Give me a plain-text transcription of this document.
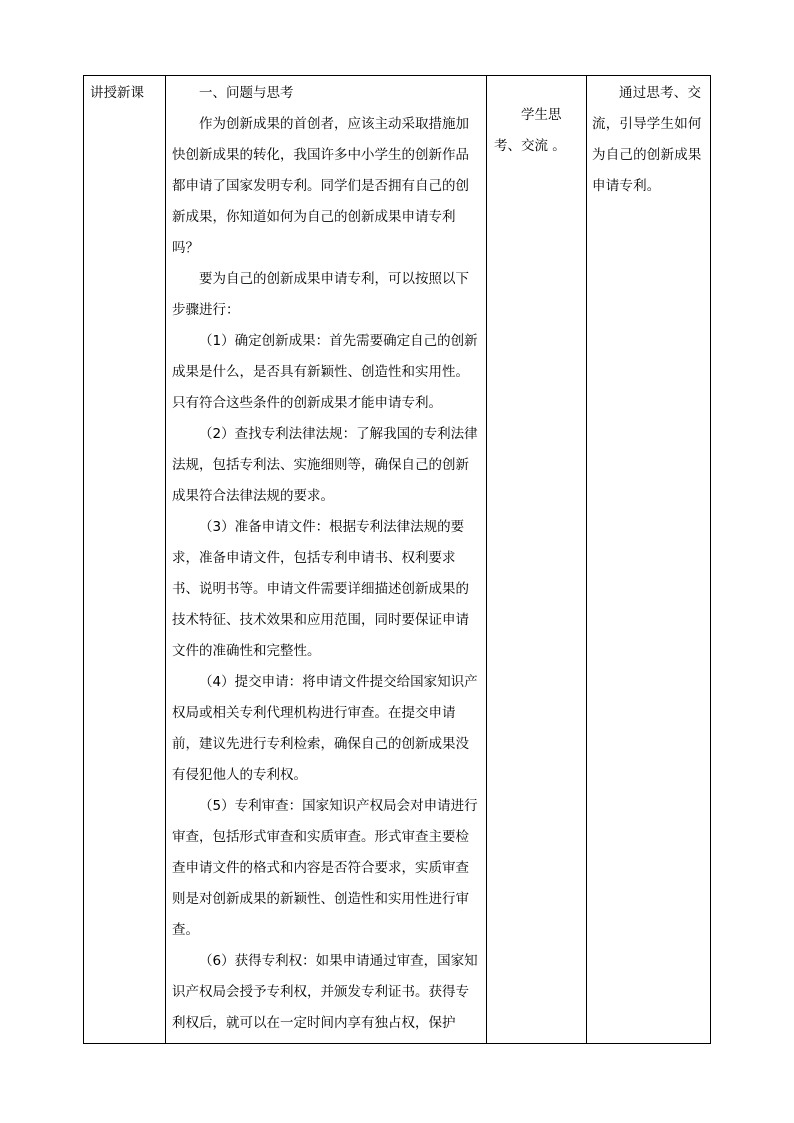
讲授新课	一、问题与思考

作为创新成果的首创者，应该主动采取措施加快创新成果的转化，我国许多中小学生的创新作品都申请了国家发明专利。同学们是否拥有自己的创新成果，你知道如何为自己的创新成果申请专利吗？

要为自己的创新成果申请专利，可以按照以下步骤进行：

（1）确定创新成果：首先需要确定自己的创新成果是什么，是否具有新颖性、创造性和实用性。只有符合这些条件的创新成果才能申请专利。

（2）查找专利法律法规：了解我国的专利法律法规，包括专利法、实施细则等，确保自己的创新成果符合法律法规的要求。

（3）准备申请文件：根据专利法律法规的要求，准备申请文件，包括专利申请书、权利要求书、说明书等。申请文件需要详细描述创新成果的技术特征、技术效果和应用范围，同时要保证申请文件的准确性和完整性。

（4）提交申请：将申请文件提交给国家知识产权局或相关专利代理机构进行审查。在提交申请前，建议先进行专利检索，确保自己的创新成果没有侵犯他人的专利权。

（5）专利审查：国家知识产权局会对申请进行审查，包括形式审查和实质审查。形式审查主要检查申请文件的格式和内容是否符合要求，实质审查则是对创新成果的新颖性、创造性和实用性进行审查。

（6）获得专利权：如果申请通过审查，国家知识产权局会授予专利权，并颁发专利证书。获得专利权后，就可以在一定时间内享有独占权，保护

学生思考、交流 。

通过思考、交流，引导学生如何为自己的创新成果申请专利。
